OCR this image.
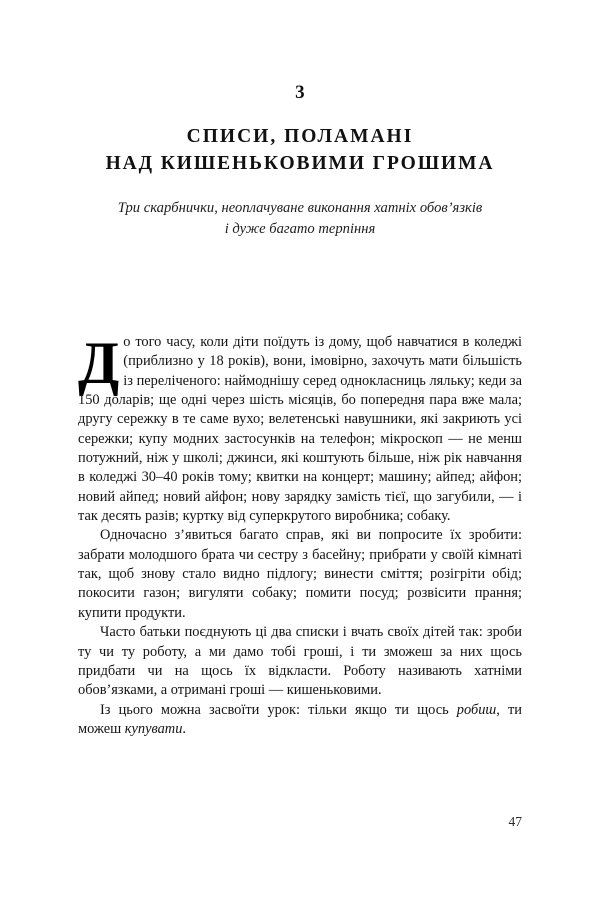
3
СПИСИ, ПОЛАМАНІ
НАД КИШЕНЬКОВИМИ ГРОШИМА
Три скарбнички, неоплачуване виконання хатніх обов’язків
і дуже багато терпіння

До того часу, коли діти поїдуть із дому, щоб навчатися в коледжі (приблизно у 18 років), вони, імовірно, захочуть мати більшість із переліченого: наймоднішу серед однокласниць ляльку; кеди за 150 доларів; ще одні через шість місяців, бо попередня пара вже мала; другу сережку в те саме вухо; велетенські навушники, які закриють усі сережки; купу модних застосунків на телефон; мікроскоп — не менш потужний, ніж у школі; джинси, які коштують більше, ніж рік навчання в коледжі 30–40 років тому; квитки на концерт; машину; айпед; айфон; новий айпед; новий айфон; нову зарядку замість тієї, що загубили, — і так десять разів; куртку від суперкрутого виробника; собаку.

Одночасно з’явиться багато справ, які ви попросите їх зробити: забрати молодшого брата чи сестру з басейну; прибрати у своїй кімнаті так, щоб знову стало видно підлогу; винести сміття; розігріти обід; покосити газон; вигуляти собаку; помити посуд; розвісити прання; купити продукти.

Часто батьки поєднують ці два списки і вчать своїх дітей так: зроби ту чи ту роботу, а ми дамо тобі гроші, і ти зможеш за них щось придбати чи на щось їх відкласти. Роботу називають хатніми обов’язками, а отримані гроші — кишеньковими.

Із цього можна засвоїти урок: тільки якщо ти щось робиш, ти можеш купувати.

47
